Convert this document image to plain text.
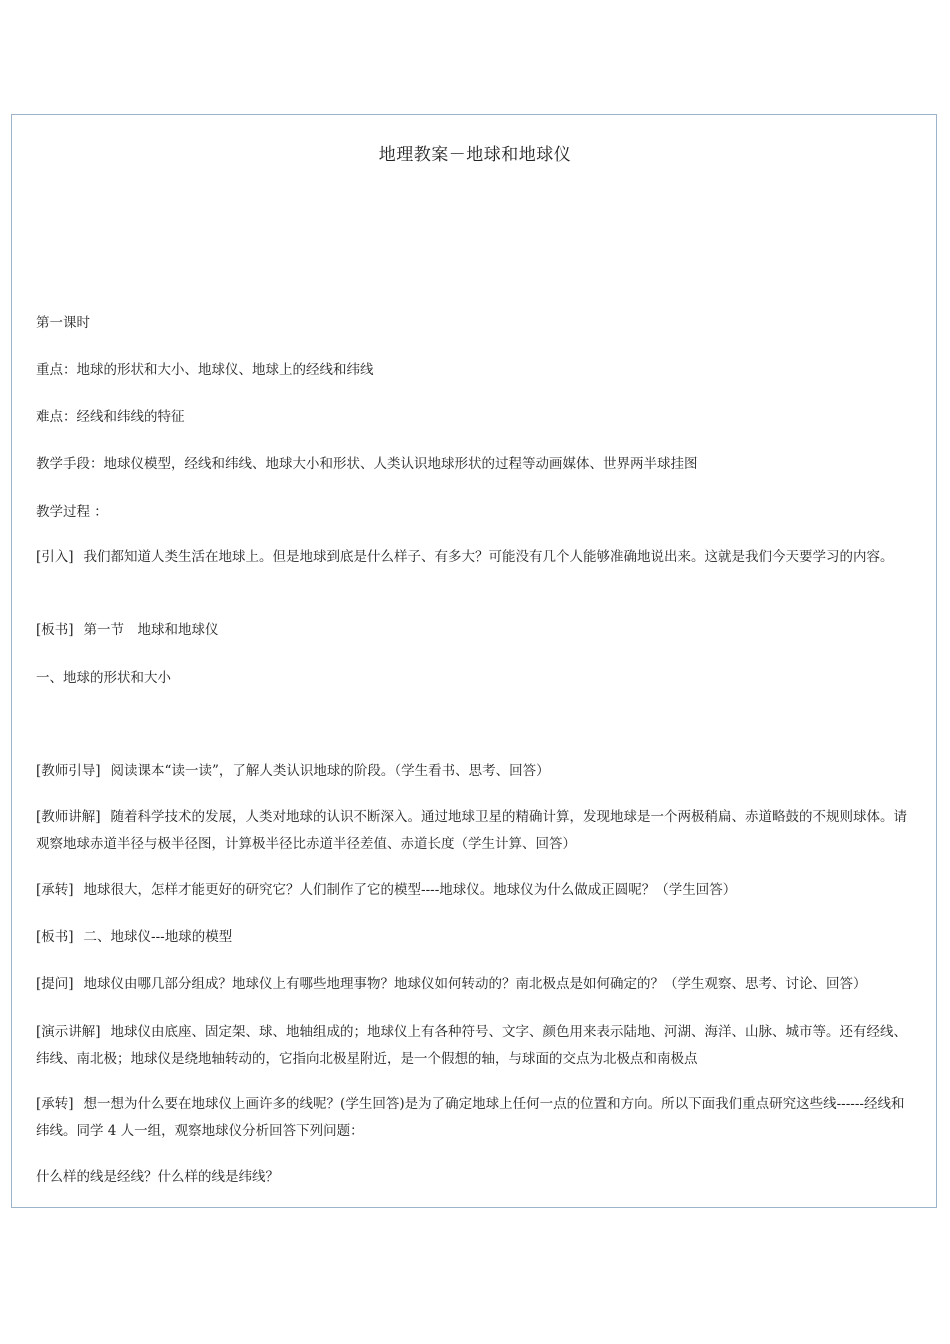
地理教案－地球和地球仪

第一课时

重点：地球的形状和大小、地球仪、地球上的经线和纬线

难点：经线和纬线的特征

教学手段：地球仪模型，经线和纬线、地球大小和形状、人类认识地球形状的过程等动画媒体、世界两半球挂图

教学过程 ：

[引入] 我们都知道人类生活在地球上。但是地球到底是什么样子、有多大？可能没有几个人能够准确地说出来。这就是我们今天要学习的内容。

[板书] 第一节　地球和地球仪

一、地球的形状和大小

[教师引导] 阅读课本“读一读”，了解人类认识地球的阶段。（学生看书、思考、回答）

[教师讲解] 随着科学技术的发展，人类对地球的认识不断深入。通过地球卫星的精确计算，发现地球是一个两极稍扁、赤道略鼓的不规则球体。请观察地球赤道半径与极半径图，计算极半径比赤道半径差值、赤道长度（学生计算、回答）

[承转] 地球很大，怎样才能更好的研究它？人们制作了它的模型----地球仪。地球仪为什么做成正圆呢？（学生回答）

[板书] 二、地球仪---地球的模型

[提问] 地球仪由哪几部分组成？地球仪上有哪些地理事物？地球仪如何转动的？南北极点是如何确定的？（学生观察、思考、讨论、回答）

[演示讲解] 地球仪由底座、固定架、球、地轴组成的；地球仪上有各种符号、文字、颜色用来表示陆地、河湖、海洋、山脉、城市等。还有经线、纬线、南北极；地球仪是绕地轴转动的，它指向北极星附近，是一个假想的轴，与球面的交点为北极点和南极点

[承转] 想一想为什么要在地球仪上画许多的线呢？(学生回答)是为了确定地球上任何一点的位置和方向。所以下面我们重点研究这些线------经线和纬线。同学 4 人一组，观察地球仪分析回答下列问题：

什么样的线是经线？什么样的线是纬线？
